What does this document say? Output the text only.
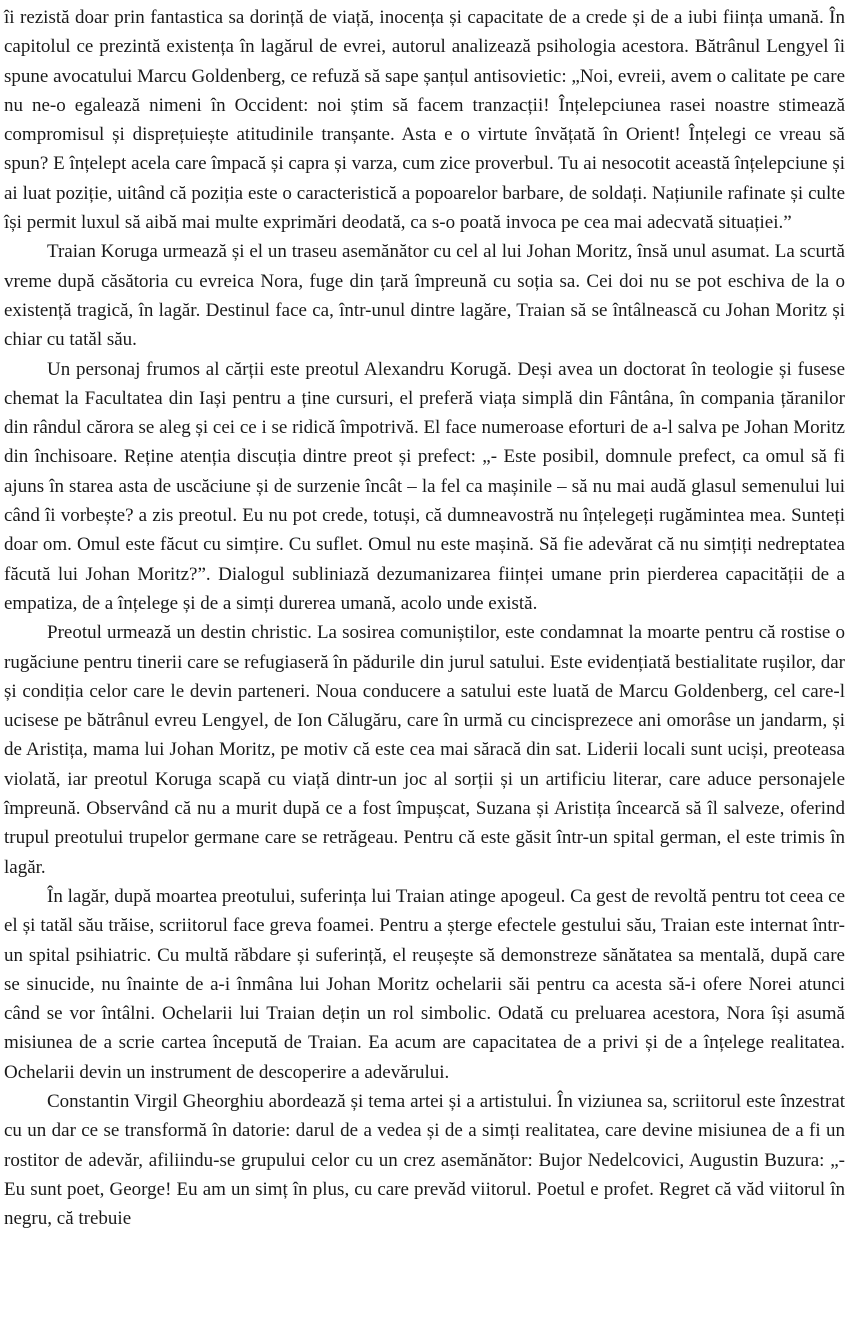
îi rezistă doar prin fantastica sa dorință de viață, inocența și capacitate de a crede și de a iubi ființa umană. În capitolul ce prezintă existența în lagărul de evrei, autorul analizează psihologia acestora. Bătrânul Lengyel îi spune avocatului Marcu Goldenberg, ce refuză să sape șanțul antisovietic: „Noi, evreii, avem o calitate pe care nu ne-o egalează nimeni în Occident: noi știm să facem tranzacții! Înțelepciunea rasei noastre stimează compromisul și disprețuiește atitudinile tranșante. Asta e o virtute învățată în Orient! Înțelegi ce vreau să spun? E înțelept acela care împacă și capra și varza, cum zice proverbul. Tu ai nesocotit această înțelepciune și ai luat poziție, uitând că poziția este o caracteristică a popoarelor barbare, de soldați. Națiunile rafinate și culte își permit luxul să aibă mai multe exprimări deodată, ca s-o poată invoca pe cea mai adecvată situației.”

Traian Koruga urmează și el un traseu asemănător cu cel al lui Johan Moritz, însă unul asumat. La scurtă vreme după căsătoria cu evreica Nora, fuge din țară împreună cu soția sa. Cei doi nu se pot eschiva de la o existență tragică, în lagăr. Destinul face ca, într-unul dintre lagăre, Traian să se întâlnească cu Johan Moritz și chiar cu tatăl său.

Un personaj frumos al cărții este preotul Alexandru Korugă. Deși avea un doctorat în teologie și fusese chemat la Facultatea din Iași pentru a ține cursuri, el preferă viața simplă din Fântâna, în compania țăranilor din rândul cărora se aleg și cei ce i se ridică împotrivă. El face numeroase eforturi de a-l salva pe Johan Moritz din închisoare. Reține atenția discuția dintre preot și prefect: „- Este posibil, domnule prefect, ca omul să fi ajuns în starea asta de uscăciune și de surzenie încât – la fel ca mașinile – să nu mai audă glasul semenului lui când îi vorbește? a zis preotul. Eu nu pot crede, totuși, că dumneavostră nu înțelegeți rugămintea mea. Sunteți doar om. Omul este făcut cu simțire. Cu suflet. Omul nu este mașină. Să fie adevărat că nu simțiți nedreptatea făcută lui Johan Moritz?”. Dialogul subliniază dezumanizarea ființei umane prin pierderea capacității de a empatiza, de a înțelege și de a simți durerea umană, acolo unde există.

Preotul urmează un destin christic. La sosirea comuniștilor, este condamnat la moarte pentru că rostise o rugăciune pentru tinerii care se refugiaseră în pădurile din jurul satului. Este evidențiată bestialitate rușilor, dar și condiția celor care le devin parteneri. Noua conducere a satului este luată de Marcu Goldenberg, cel care-l ucisese pe bătrânul evreu Lengyel, de Ion Călugăru, care în urmă cu cincisprezece ani omorâse un jandarm, și de Aristița, mama lui Johan Moritz, pe motiv că este cea mai săracă din sat. Liderii locali sunt uciși, preoteasa violată, iar preotul Koruga scapă cu viață dintr-un joc al sorții și un artificiu literar, care aduce personajele împreună. Observând că nu a murit după ce a fost împușcat, Suzana și Aristița încearcă să îl salveze, oferind trupul preotului trupelor germane care se retrăgeau. Pentru că este găsit într-un spital german, el este trimis în lagăr.

În lagăr, după moartea preotului, suferința lui Traian atinge apogeul. Ca gest de revoltă pentru tot ceea ce el și tatăl său trăise, scriitorul face greva foamei. Pentru a șterge efectele gestului său, Traian este internat într-un spital psihiatric. Cu multă răbdare și suferință, el reușește să demonstreze sănătatea sa mentală, după care se sinucide, nu înainte de a-i înmâna lui Johan Moritz ochelarii săi pentru ca acesta să-i ofere Norei atunci când se vor întâlni. Ochelarii lui Traian dețin un rol simbolic. Odată cu preluarea acestora, Nora își asumă misiunea de a scrie cartea începută de Traian. Ea acum are capacitatea de a privi și de a înțelege realitatea. Ochelarii devin un instrument de descoperire a adevărului.

Constantin Virgil Gheorghiu abordează și tema artei și a artistului. În viziunea sa, scriitorul este înzestrat cu un dar ce se transformă în datorie: darul de a vedea și de a simți realitatea, care devine misiunea de a fi un rostitor de adevăr, afiliindu-se grupului celor cu un crez asemănător: Bujor Nedelcovici, Augustin Buzura: „-Eu sunt poet, George! Eu am un simț în plus, cu care prevăd viitorul. Poetul e profet. Regret că văd viitorul în negru, că trebuie
